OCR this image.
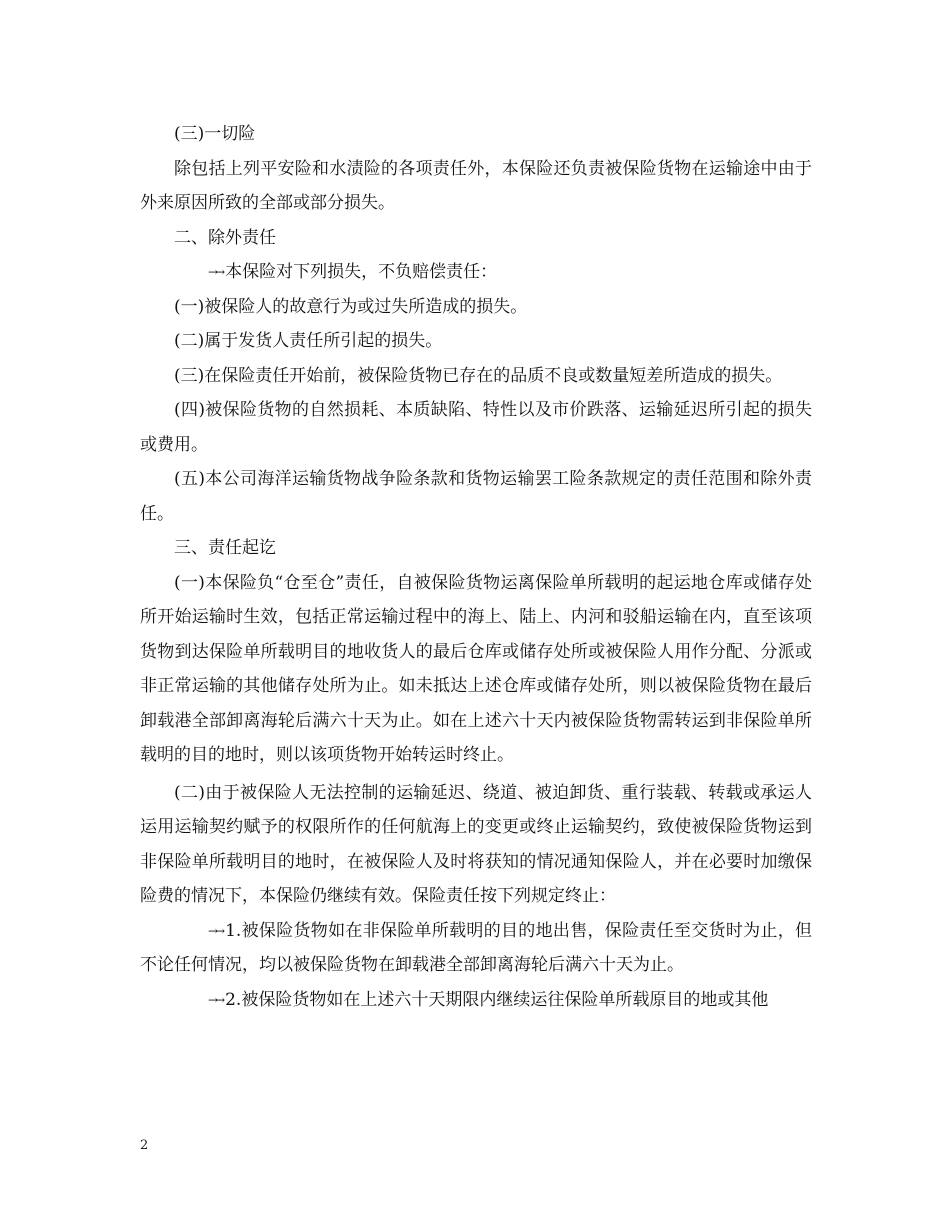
(三)一切险

除包括上列平安险和水渍险的各项责任外，本保险还负责被保险货物在运输途中由于外来原因所致的全部或部分损失。

二、除外责任

→→ 本保险对下列损失，不负赔偿责任：

(一)被保险人的故意行为或过失所造成的损失。

(二)属于发货人责任所引起的损失。

(三)在保险责任开始前，被保险货物已存在的品质不良或数量短差所造成的损失。

(四)被保险货物的自然损耗、本质缺陷、特性以及市价跌落、运输延迟所引起的损失或费用。

(五)本公司海洋运输货物战争险条款和货物运输罢工险条款规定的责任范围和除外责任。

三、责任起讫

(一)本保险负“仓至仓”责任，自被保险货物运离保险单所载明的起运地仓库或储存处所开始运输时生效，包括正常运输过程中的海上、陆上、内河和驳船运输在内，直至该项货物到达保险单所载明目的地收货人的最后仓库或储存处所或被保险人用作分配、分派或非正常运输的其他储存处所为止。如未抵达上述仓库或储存处所，则以被保险货物在最后卸载港全部卸离海轮后满六十天为止。如在上述六十天内被保险货物需转运到非保险单所载明的目的地时，则以该项货物开始转运时终止。

(二)由于被保险人无法控制的运输延迟、绕道、被迫卸货、重行装载、转载或承运人运用运输契约赋予的权限所作的任何航海上的变更或终止运输契约，致使被保险货物运到非保险单所载明目的地时，在被保险人及时将获知的情况通知保险人，并在必要时加缴保险费的情况下，本保险仍继续有效。保险责任按下列规定终止：

→→ 1.被保险货物如在非保险单所载明的目的地出售，保险责任至交货时为止，但不论任何情况，均以被保险货物在卸载港全部卸离海轮后满六十天为止。

→→ 2.被保险货物如在上述六十天期限内继续运往保险单所载原目的地或其他

2
